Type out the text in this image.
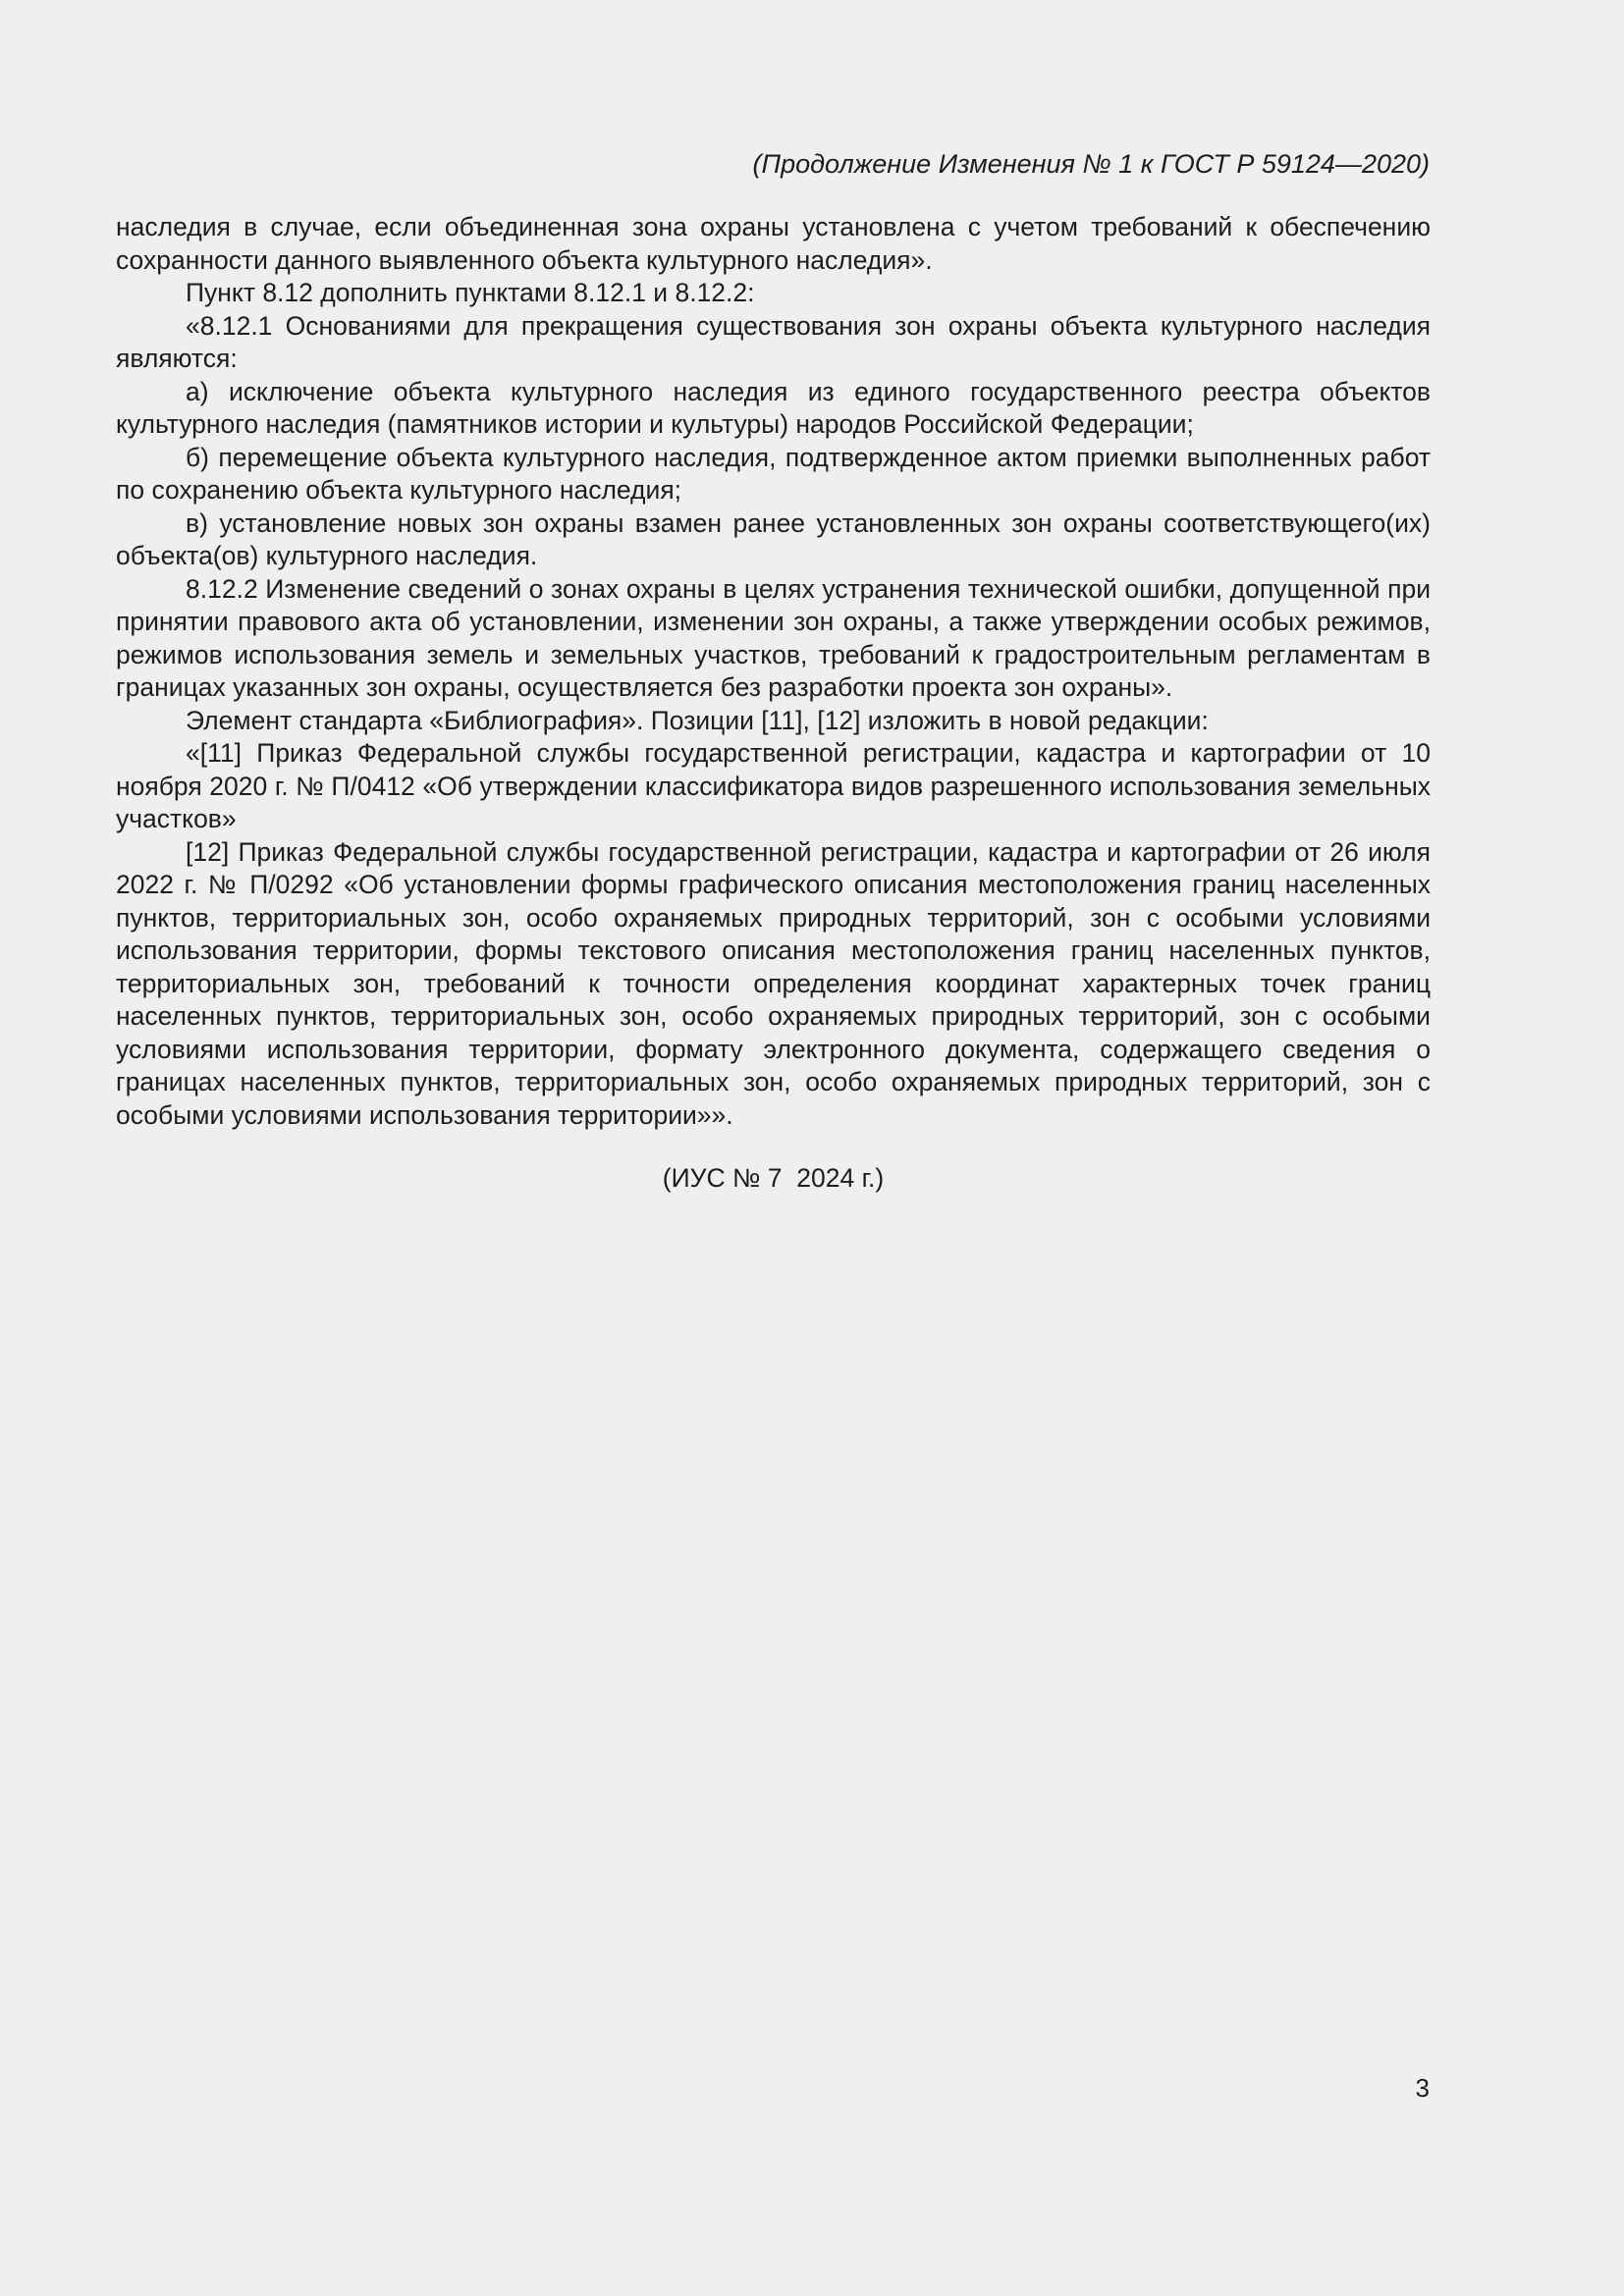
(Продолжение Изменения № 1 к ГОСТ Р 59124—2020)

наследия в случае, если объединенная зона охраны установлена с учетом требований к обеспечению сохранности данного выявленного объекта культурного наследия».

Пункт 8.12 дополнить пунктами 8.12.1 и 8.12.2:

«8.12.1 Основаниями для прекращения существования зон охраны объекта культурного наследия являются:

а) исключение объекта культурного наследия из единого государственного реестра объектов культурного наследия (памятников истории и культуры) народов Российской Федерации;

б) перемещение объекта культурного наследия, подтвержденное актом приемки выполненных работ по сохранению объекта культурного наследия;

в) установление новых зон охраны взамен ранее установленных зон охраны соответствующего(их) объекта(ов) культурного наследия.

8.12.2 Изменение сведений о зонах охраны в целях устранения технической ошибки, допущенной при принятии правового акта об установлении, изменении зон охраны, а также утверждении особых режимов, режимов использования земель и земельных участков, требований к градостроительным регламентам в границах указанных зон охраны, осуществляется без разработки проекта зон охраны».

Элемент стандарта «Библиография». Позиции [11], [12] изложить в новой редакции:

«[11] Приказ Федеральной службы государственной регистрации, кадастра и картографии от 10 ноября 2020 г. № П/0412 «Об утверждении классификатора видов разрешенного использования земельных участков»

[12] Приказ Федеральной службы государственной регистрации, кадастра и картографии от 26 июля 2022 г. № П/0292 «Об установлении формы графического описания местоположения границ населенных пунктов, территориальных зон, особо охраняемых природных территорий, зон с особыми условиями использования территории, формы текстового описания местоположения границ населенных пунктов, территориальных зон, требований к точности определения координат характерных точек границ населенных пунктов, территориальных зон, особо охраняемых природных территорий, зон с особыми условиями использования территории, формату электронного документа, содержащего сведения о границах населенных пунктов, территориальных зон, особо охраняемых природных территорий, зон с особыми условиями использования территории»».

(ИУС № 7  2024 г.)
3
